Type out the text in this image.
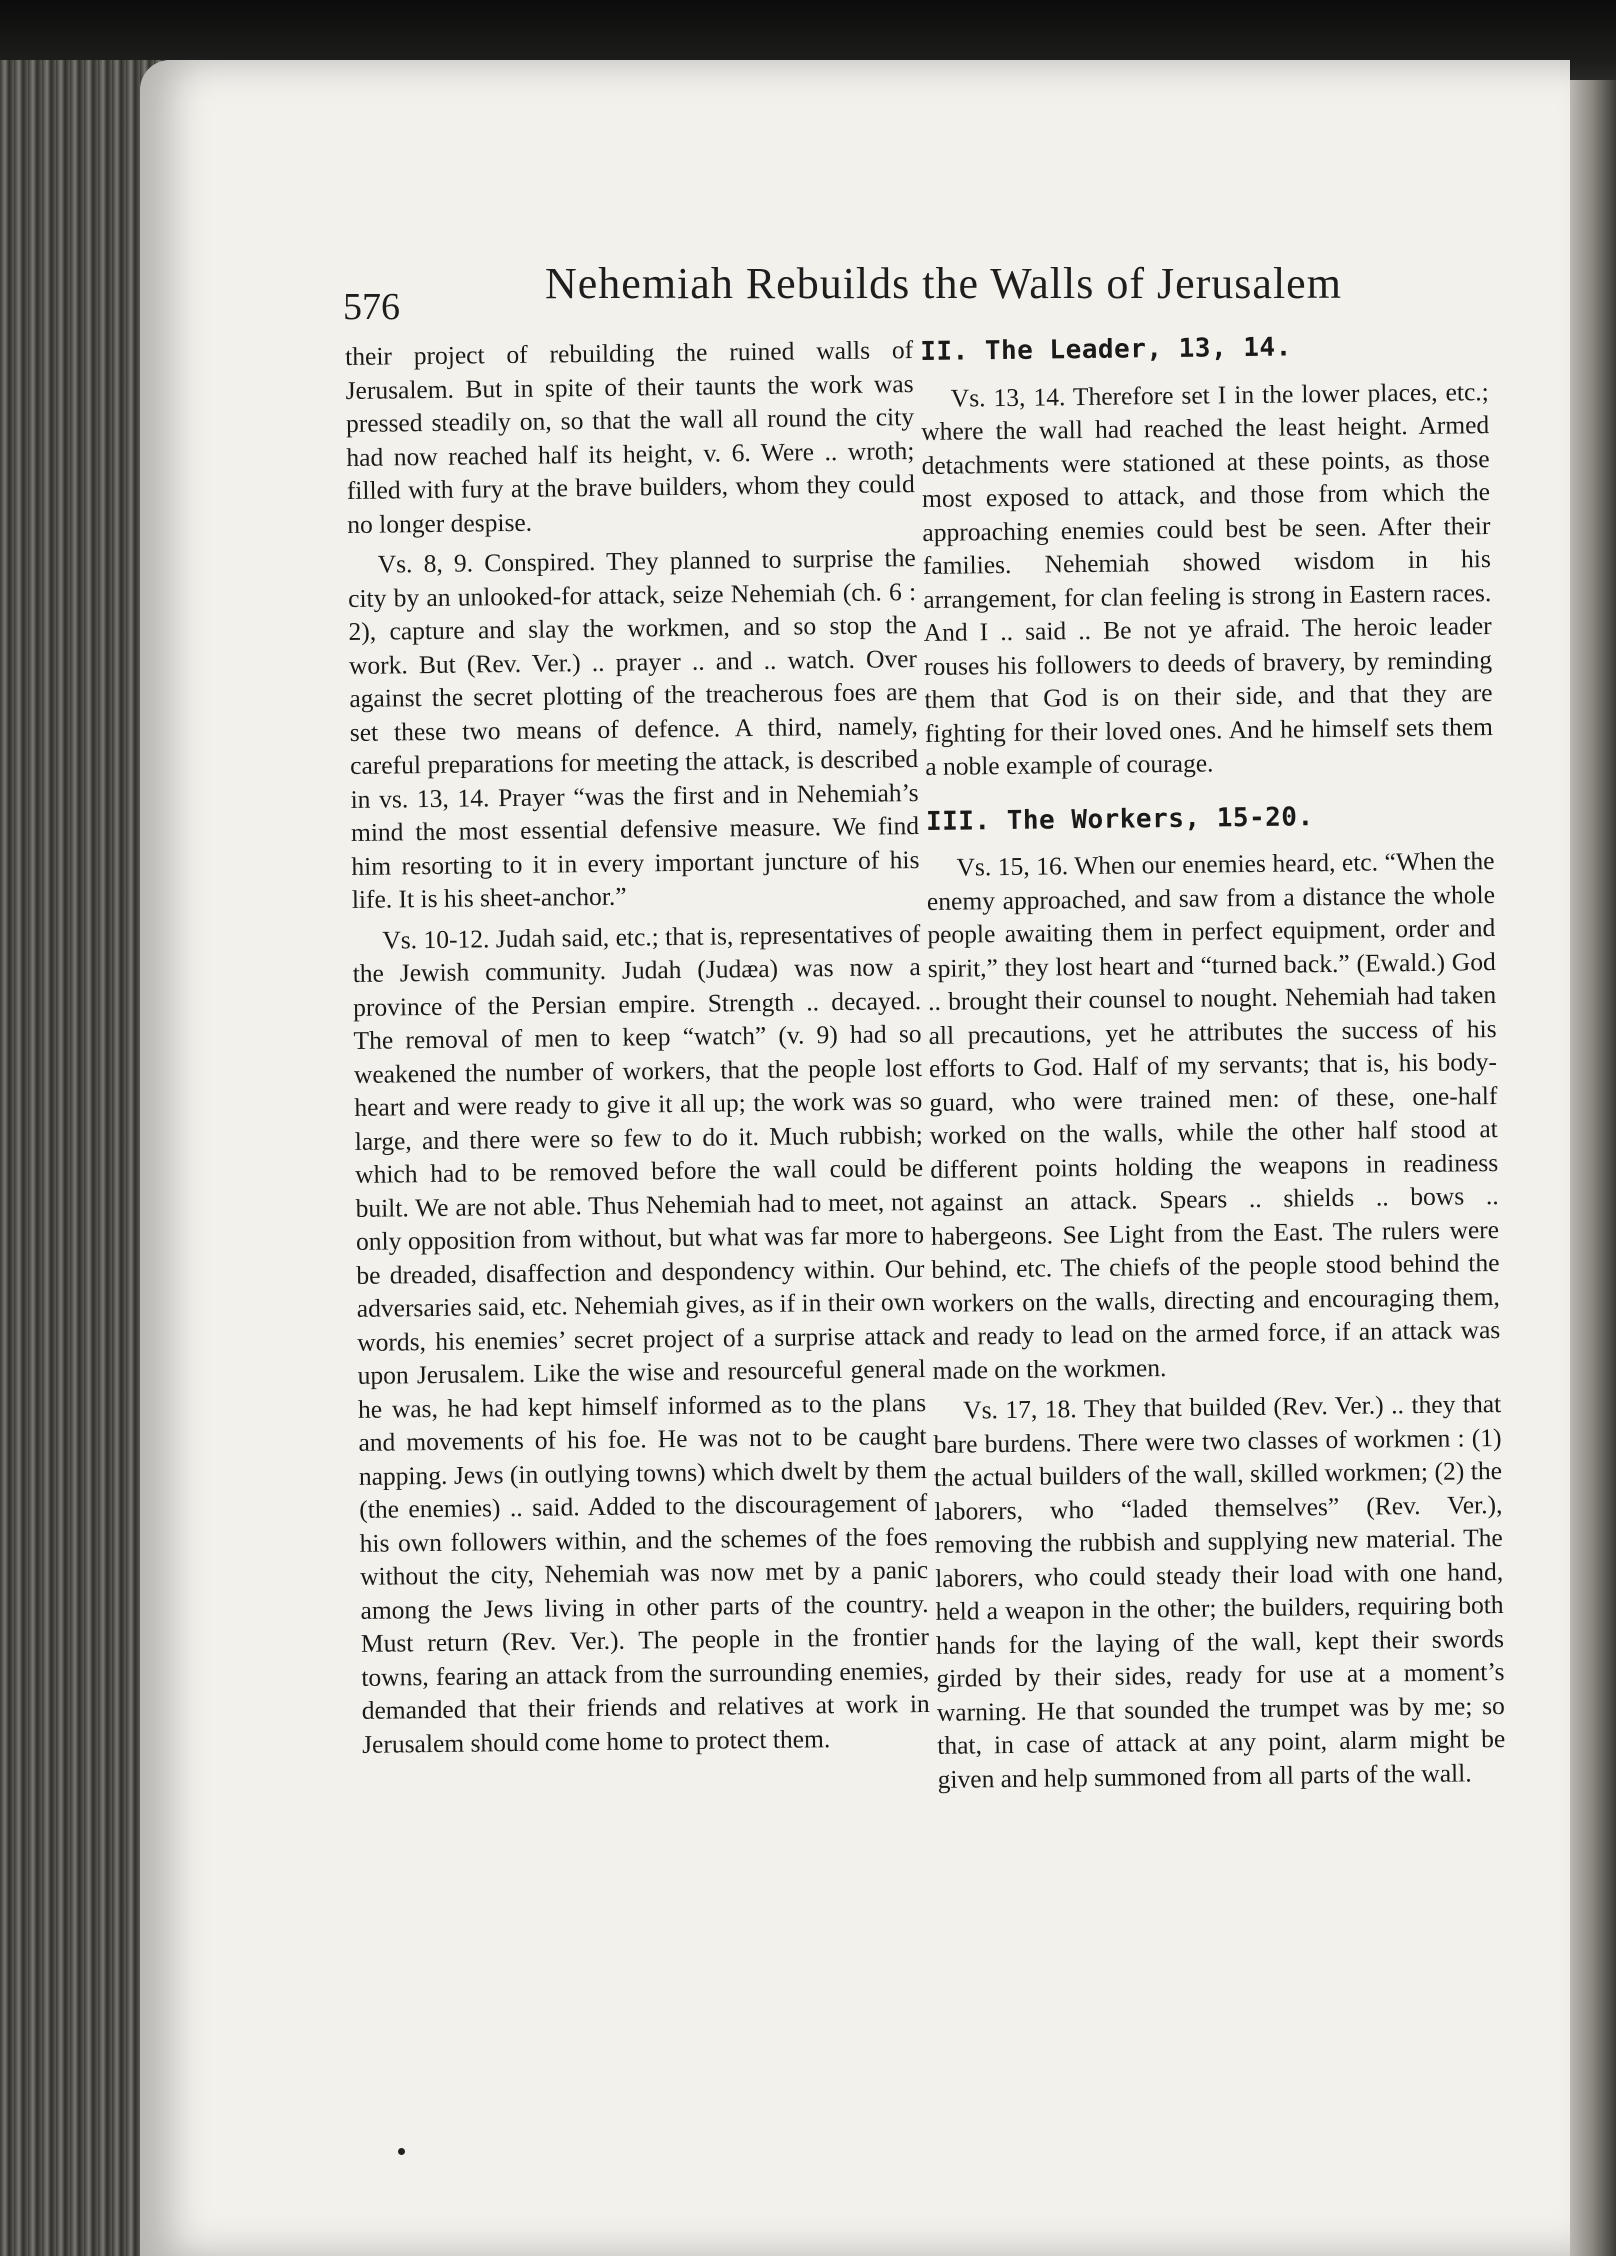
576	Nehemiah Rebuilds the Walls of Jerusalem

their project of rebuilding the ruined walls of Jerusalem. But in spite of their taunts the work was pressed steadily on, so that the wall all round the city had now reached half its height, v. 6. Were .. wroth; filled with fury at the brave builders, whom they could no longer despise.

Vs. 8, 9. Conspired. They planned to surprise the city by an unlooked-for attack, seize Nehemiah (ch. 6 : 2), capture and slay the workmen, and so stop the work. But (Rev. Ver.) .. prayer .. and .. watch. Over against the secret plotting of the treacherous foes are set these two means of defence. A third, namely, careful preparations for meeting the attack, is described in vs. 13, 14. Prayer “was the first and in Nehemiah’s mind the most essential defensive measure. We find him resorting to it in every important juncture of his life. It is his sheet-anchor.”

Vs. 10-12. Judah said, etc.; that is, representatives of the Jewish community. Judah (Judæa) was now a province of the Persian empire. Strength .. decayed. The removal of men to keep “watch” (v. 9) had so weakened the number of workers, that the people lost heart and were ready to give it all up; the work was so large, and there were so few to do it. Much rubbish; which had to be removed before the wall could be built. We are not able. Thus Nehemiah had to meet, not only opposition from without, but what was far more to be dreaded, disaffection and despondency within. Our adversaries said, etc. Nehemiah gives, as if in their own words, his enemies’ secret project of a surprise attack upon Jerusalem. Like the wise and resourceful general he was, he had kept himself informed as to the plans and movements of his foe. He was not to be caught napping. Jews (in outlying towns) which dwelt by them (the enemies) .. said. Added to the discouragement of his own followers within, and the schemes of the foes without the city, Nehemiah was now met by a panic among the Jews living in other parts of the country. Must return (Rev. Ver.). The people in the frontier towns, fearing an attack from the surrounding enemies, demanded that their friends and relatives at work in Jerusalem should come home to protect them.

II. The Leader, 13, 14.

Vs. 13, 14. Therefore set I in the lower places, etc.; where the wall had reached the least height. Armed detachments were stationed at these points, as those most exposed to attack, and those from which the approaching enemies could best be seen. After their families. Nehemiah showed wisdom in his arrangement, for clan feeling is strong in Eastern races. And I .. said .. Be not ye afraid. The heroic leader rouses his followers to deeds of bravery, by reminding them that God is on their side, and that they are fighting for their loved ones. And he himself sets them a noble example of courage.

III. The Workers, 15-20.

Vs. 15, 16. When our enemies heard, etc. “When the enemy approached, and saw from a distance the whole people awaiting them in perfect equipment, order and spirit,” they lost heart and “turned back.” (Ewald.) God .. brought their counsel to nought. Nehemiah had taken all precautions, yet he attributes the success of his efforts to God. Half of my servants; that is, his body-guard, who were trained men: of these, one-half worked on the walls, while the other half stood at different points holding the weapons in readiness against an attack. Spears .. shields .. bows .. habergeons. See Light from the East. The rulers were behind, etc. The chiefs of the people stood behind the workers on the walls, directing and encouraging them, and ready to lead on the armed force, if an attack was made on the workmen.

Vs. 17, 18. They that builded (Rev. Ver.) .. they that bare burdens. There were two classes of workmen : (1) the actual builders of the wall, skilled workmen; (2) the laborers, who “laded themselves” (Rev. Ver.), removing the rubbish and supplying new material. The laborers, who could steady their load with one hand, held a weapon in the other; the builders, requiring both hands for the laying of the wall, kept their swords girded by their sides, ready for use at a moment’s warning. He that sounded the trumpet was by me; so that, in case of attack at any point, alarm might be given and help summoned from all parts of the wall.
